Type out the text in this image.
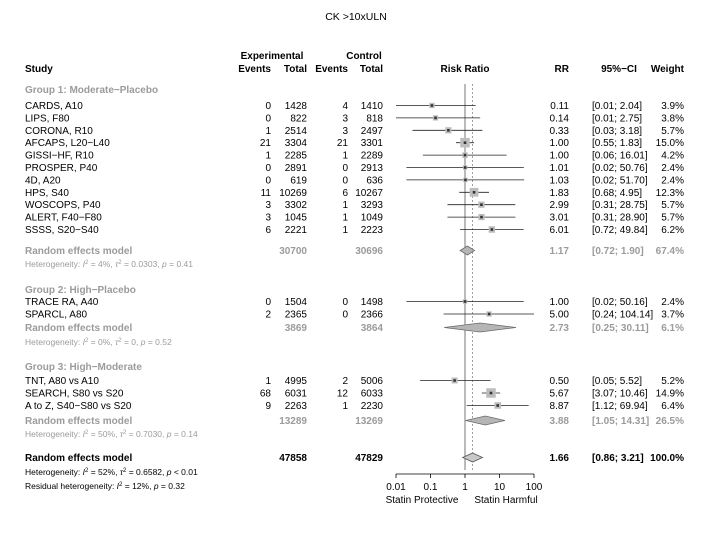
CK >10xULN
Experimental	Control
Study	Events Total Events Total	Risk Ratio	RR	95%−CI Weight
Group 1: Moderate−Placebo
CARDS, A10	0 1428	4 1410	0.11 [0.01; 2.04] 3.9%
LIPS, F80	0 822	3 818	0.14 [0.01; 2.75] 3.8%
CORONA, R10	1 2514	3 2497	0.33 [0.03; 3.18] 5.7%
AFCAPS, L20−L40	21 3304	21 3301	1.00 [0.55; 1.83] 15.0%
GISSI−HF, R10	1 2285	1 2289	1.00 [0.06; 16.01] 4.2%
PROSPER, P40	0 2891	0 2913	1.01 [0.02; 50.76] 2.4%
4D, A20	0 619	0 636	1.03 [0.02; 51.70] 2.4%
HPS, S40	11 10269	6 10267	1.83 [0.68; 4.95] 12.3%
WOSCOPS, P40	3 3302	1 3293	2.99 [0.31; 28.75] 5.7%
ALERT, F40−F80	3 1045	1 1049	3.01 [0.31; 28.90] 5.7%
SSSS, S20−S40	6 2221	1 2223	6.01 [0.72; 49.84] 6.2%
Random effects model	30700	30696	1.17 [0.72; 1.90] 67.4%
Heterogeneity: $I^2 = 4\%$, $\tau^2 = 0.0303$, p = 0.41
Group 2: High−Placebo
TRACE RA, A40	0 1504	0 1498	1.00 [0.02; 50.16] 2.4%
SPARCL, A80	2 2365	0 2366	5.00 [0.24; 104.14] 3.7%
Random effects model	3869	3864	2.73 [0.25; 30.11] 6.1%
Heterogeneity: $I^2 = 0\%$, $\tau^2 = 0$, p = 0.52
Group 3: High−Moderate
TNT, A80 vs A10	1 4995	2 5006	0.50 [0.05; 5.52] 5.2%
SEARCH, S80 vs S20	68 6031	12 6033	5.67 [3.07; 10.46] 14.9%
A to Z, S40−S80 vs S20	9 2263	1 2230	8.87 [1.12; 69.94] 6.4%
Random effects model	13289	13269	3.88 [1.05; 14.31] 26.5%
Heterogeneity: $I^2 = 50\%$, $\tau^2 = 0.7030$, p = 0.14
Random effects model	47858	47829	1.66 [0.86; 3.21] 100.0%
Heterogeneity: $I^2 = 52\%$, $\tau^2 = 0.6582$, p < 0.01
Residual heterogeneity: $I^2 = 12\%$, p = 0.32	0.01 0.1 1	10 100
Statin Protective Statin Harmful
